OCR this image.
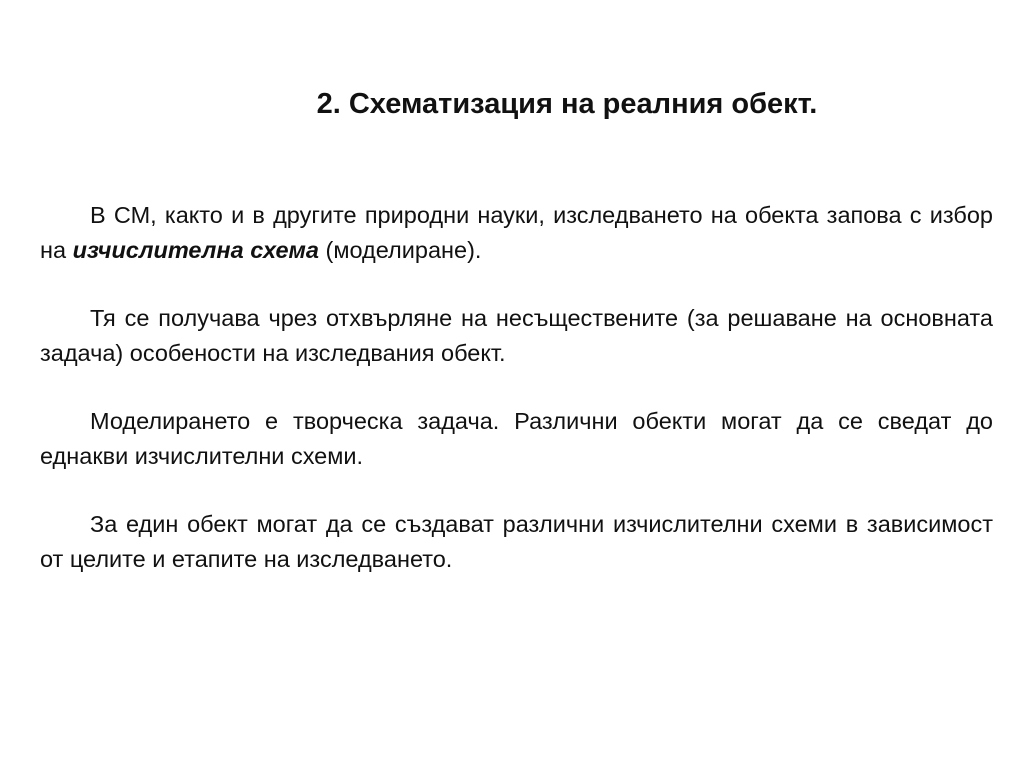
2. Схематизация на реалния обект.

В СМ, както и в другите природни науки, изследването на обекта запова с избор на изчислителна схема (моделиране).

Тя се получава чрез отхвърляне на несъществените (за решаване на основната задача) особености на изследвания обект.

Моделирането е творческа задача. Различни обекти могат да се сведат до еднакви изчислителни схеми.

За един обект могат да се създават различни изчислителни схеми в зависимост от целите и етапите на изследването.
